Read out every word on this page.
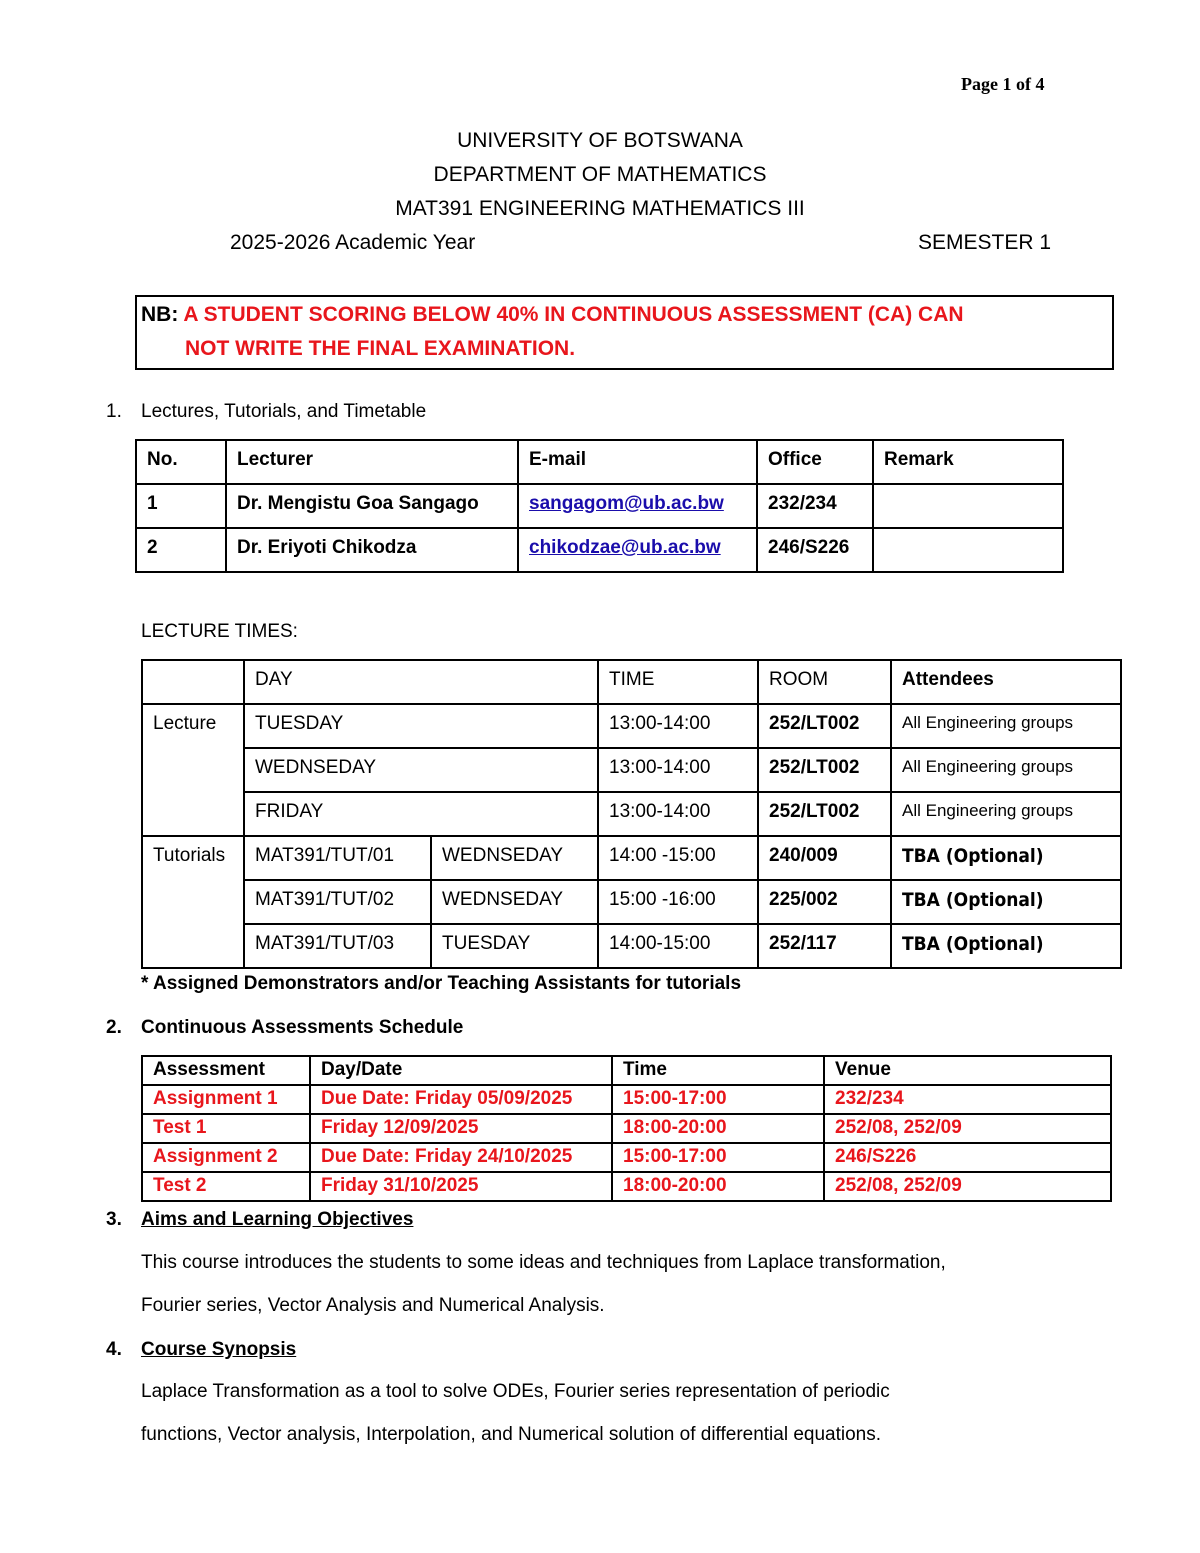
Page 1 of 4
UNIVERSITY OF BOTSWANA
DEPARTMENT OF MATHEMATICS
MAT391 ENGINEERING MATHEMATICS III
2025-2026 Academic Year	SEMESTER 1
NB: A STUDENT SCORING BELOW 40% IN CONTINUOUS ASSESSMENT (CA) CAN
NOT WRITE THE FINAL EXAMINATION.
1. Lectures, Tutorials, and Timetable
No.	Lecturer	E-mail	Office	Remark
1	Dr. Mengistu Goa Sangago	sangagom@ub.ac.bw	232/234	
2	Dr. Eriyoti Chikodza	chikodzae@ub.ac.bw	246/S226	
LECTURE TIMES:
	DAY		TIME	ROOM	Attendees
Lecture	TUESDAY		13:00-14:00	252/LT002	All Engineering groups
	WEDNSEDAY		13:00-14:00	252/LT002	All Engineering groups
	FRIDAY		13:00-14:00	252/LT002	All Engineering groups
Tutorials	MAT391/TUT/01	WEDNSEDAY	14:00 -15:00	240/009	TBA (Optional)
	MAT391/TUT/02	WEDNSEDAY	15:00 -16:00	225/002	TBA (Optional)
	MAT391/TUT/03	TUESDAY	14:00-15:00	252/117	TBA (Optional)
* Assigned Demonstrators and/or Teaching Assistants for tutorials
2. Continuous Assessments Schedule
Assessment	Day/Date	Time	Venue
Assignment 1	Due Date: Friday 05/09/2025	15:00-17:00	232/234
Test 1	Friday 12/09/2025	18:00-20:00	252/08, 252/09
Assignment 2	Due Date: Friday 24/10/2025	15:00-17:00	246/S226
Test 2	Friday 31/10/2025	18:00-20:00	252/08, 252/09
3. Aims and Learning Objectives
This course introduces the students to some ideas and techniques from Laplace transformation,
Fourier series, Vector Analysis and Numerical Analysis.
4. Course Synopsis
Laplace Transformation as a tool to solve ODEs, Fourier series representation of periodic
functions, Vector analysis, Interpolation, and Numerical solution of differential equations.
